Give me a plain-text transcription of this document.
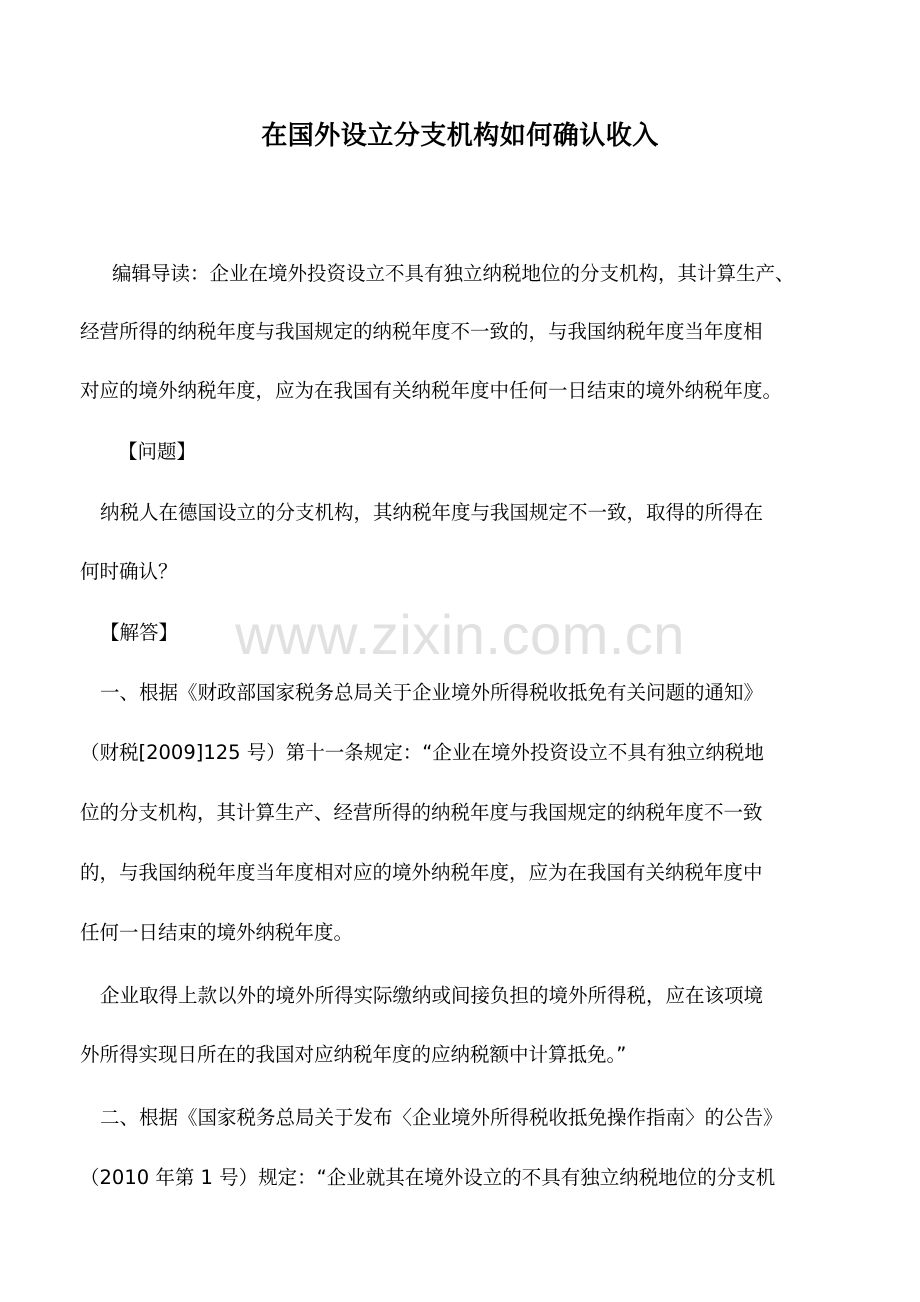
www.zixin.com.cn
在国外设立分支机构如何确认收入
编辑导读：企业在境外投资设立不具有独立纳税地位的分支机构，其计算生产、
经营所得的纳税年度与我国规定的纳税年度不一致的，与我国纳税年度当年度相
对应的境外纳税年度，应为在我国有关纳税年度中任何一日结束的境外纳税年度。
【问题】
纳税人在德国设立的分支机构，其纳税年度与我国规定不一致，取得的所得在
何时确认？
【解答】
一、根据《财政部国家税务总局关于企业境外所得税收抵免有关问题的通知》
（财税[2009]125 号）第十一条规定：“企业在境外投资设立不具有独立纳税地
位的分支机构，其计算生产、经营所得的纳税年度与我国规定的纳税年度不一致
的，与我国纳税年度当年度相对应的境外纳税年度，应为在我国有关纳税年度中
任何一日结束的境外纳税年度。
企业取得上款以外的境外所得实际缴纳或间接负担的境外所得税，应在该项境
外所得实现日所在的我国对应纳税年度的应纳税额中计算抵免。”
二、根据《国家税务总局关于发布〈企业境外所得税收抵免操作指南〉的公告》
（2010 年第 1 号）规定：“企业就其在境外设立的不具有独立纳税地位的分支机
